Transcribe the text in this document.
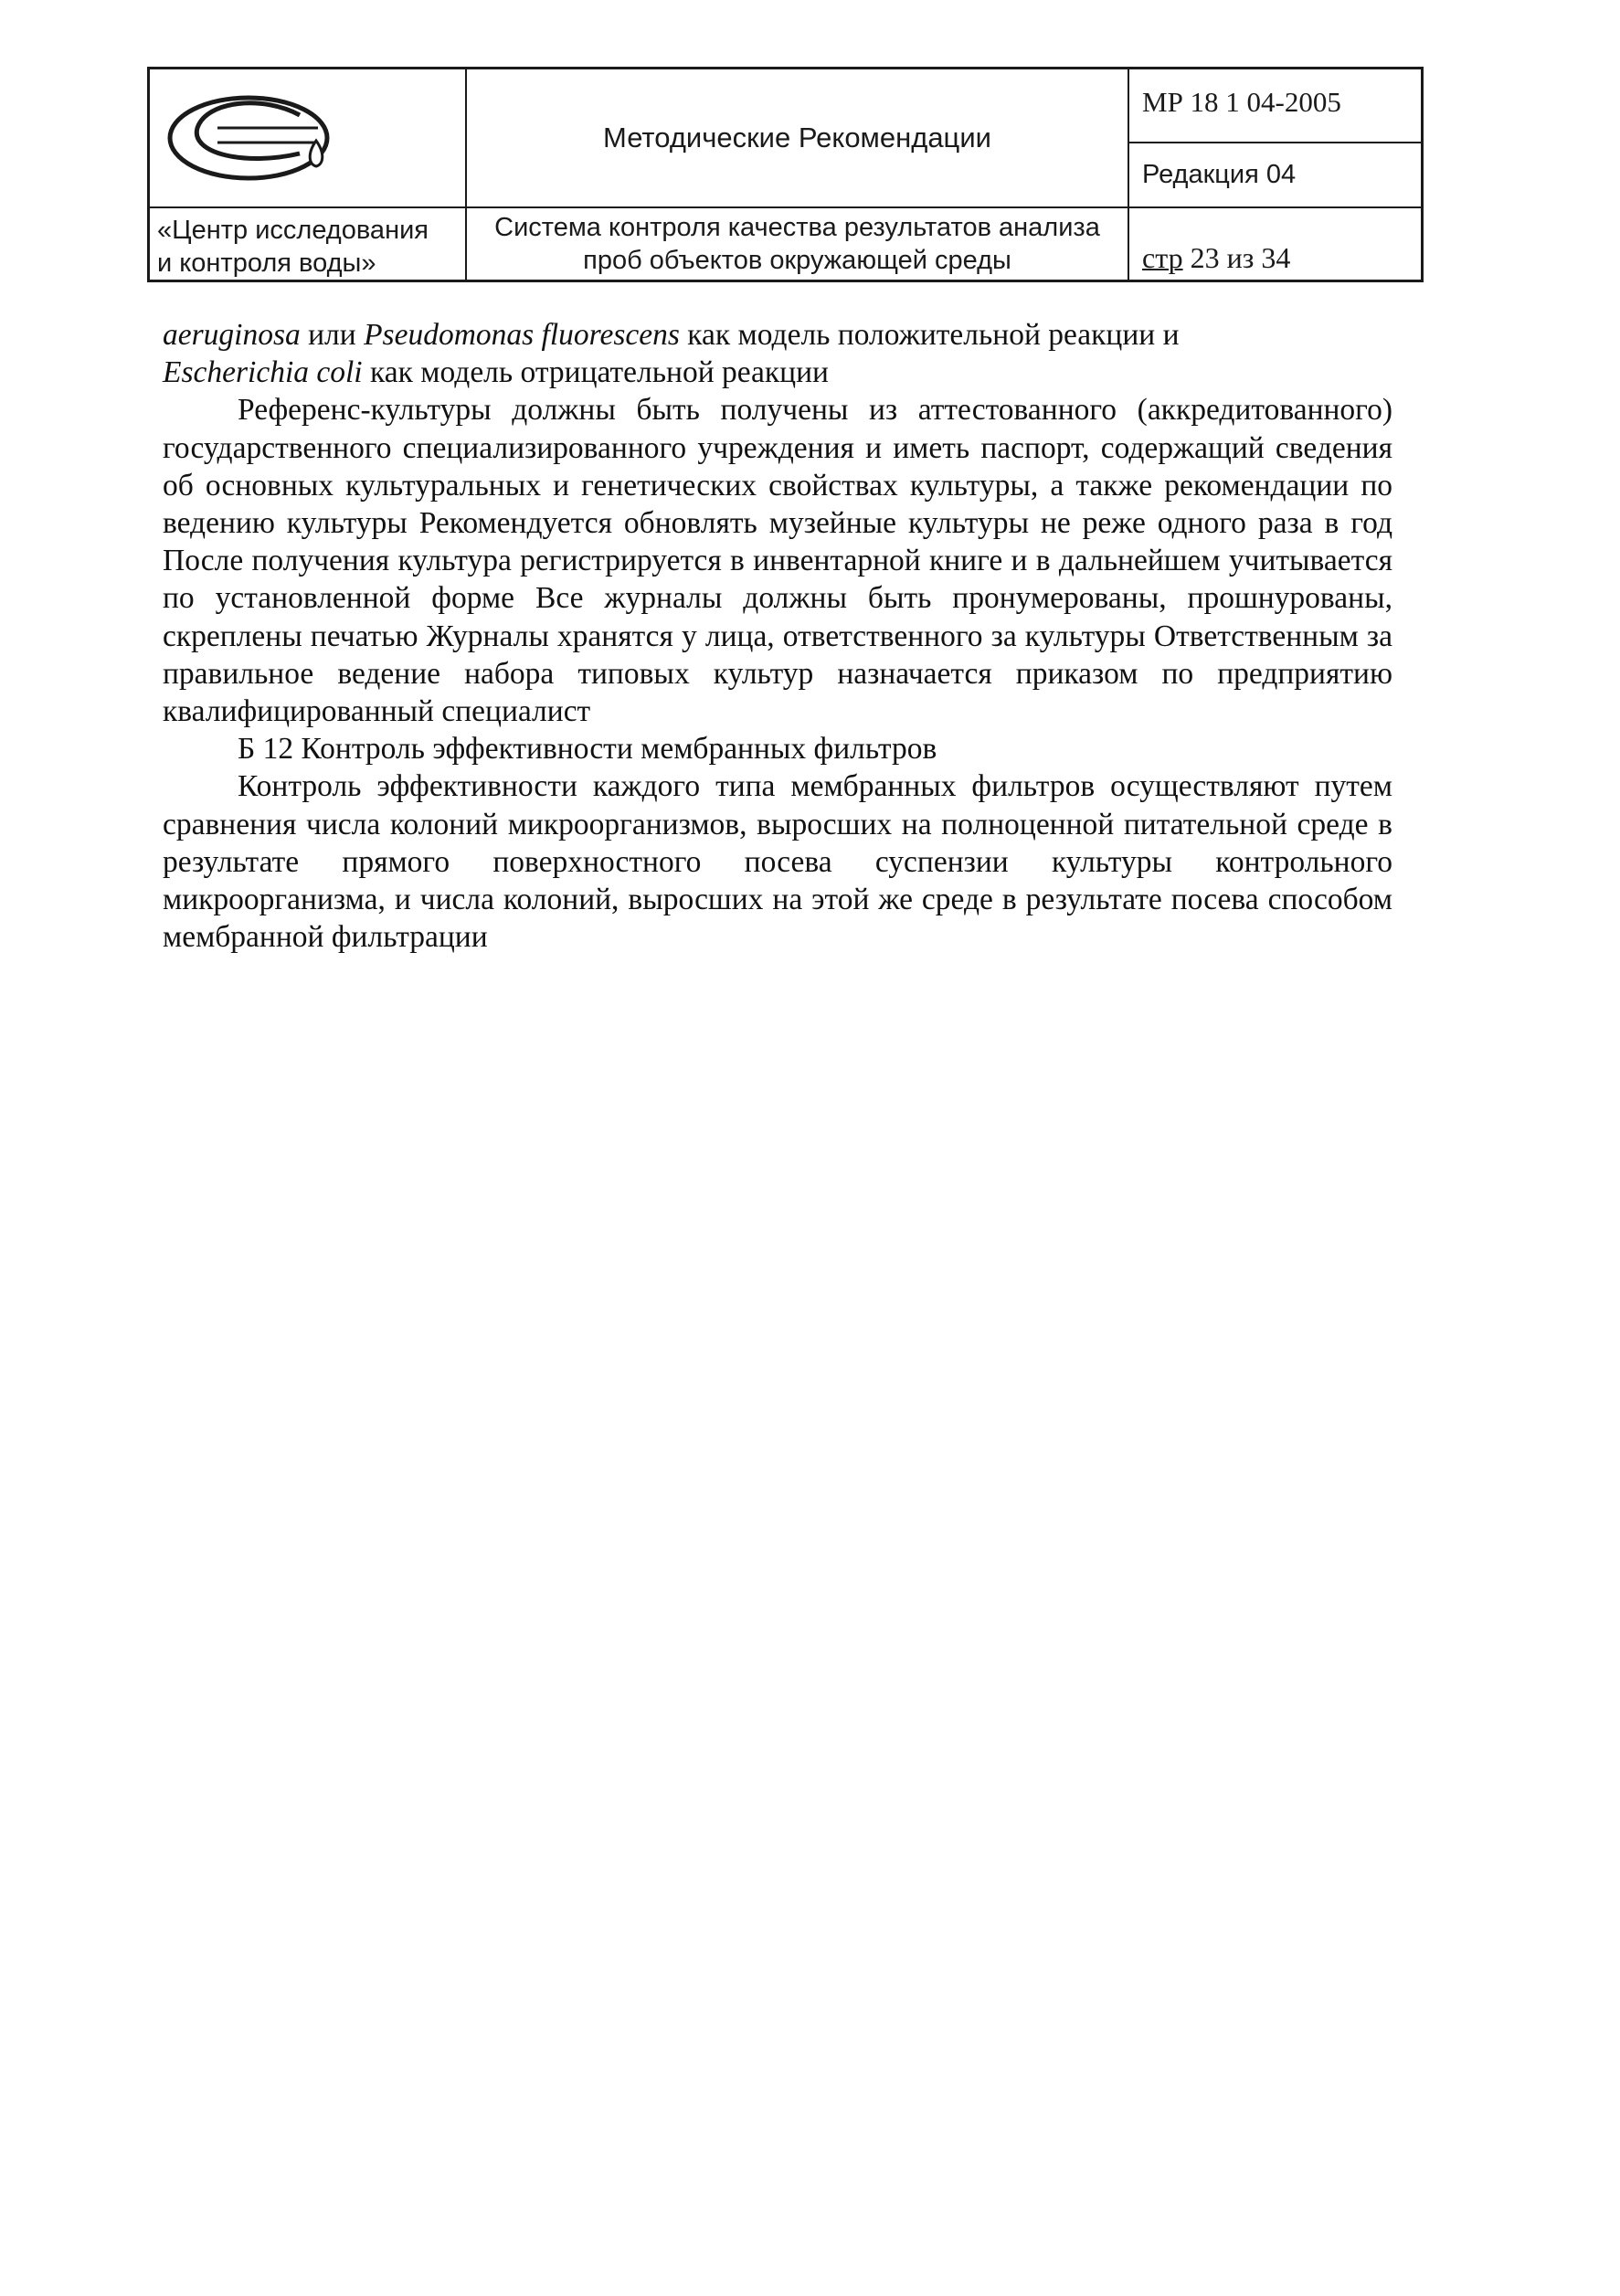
«Центр исследования
и контроля воды»
Методические Рекомендации
Система контроля качества результатов анализа
проб объектов окружающей среды
МР 18 1 04-2005
Редакция 04
стр 23 из 34

aeruginosa или Pseudomonas fluorescens как модель положительной реакции и
Escherichia coli как модель отрицательной реакции

Референс-культуры должны быть получены из аттестованного (аккредитованного) государственного специализированного учреждения и иметь паспорт, содержащий сведения об основных культуральных и генетических свойствах культуры, а также рекомендации по ведению культуры Рекомендуется обновлять музейные культуры не реже одного раза в год После получения культура регистрируется в инвентарной книге и в дальнейшем учитывается по установленной форме Все журналы должны быть пронумерованы, прошнурованы, скреплены печатью Журналы хранятся у лица, ответственного за культуры Ответственным за правильное ведение набора типовых культур назначается приказом по предприятию квалифицированный специалист

Б 12 Контроль эффективности мембранных фильтров

Контроль эффективности каждого типа мембранных фильтров осуществляют путем сравнения числа колоний микроорганизмов, выросших на полноценной питательной среде в результате прямого поверхностного посева суспензии культуры контрольного микроорганизма, и числа колоний, выросших на этой же среде в результате посева способом мембранной фильтрации
